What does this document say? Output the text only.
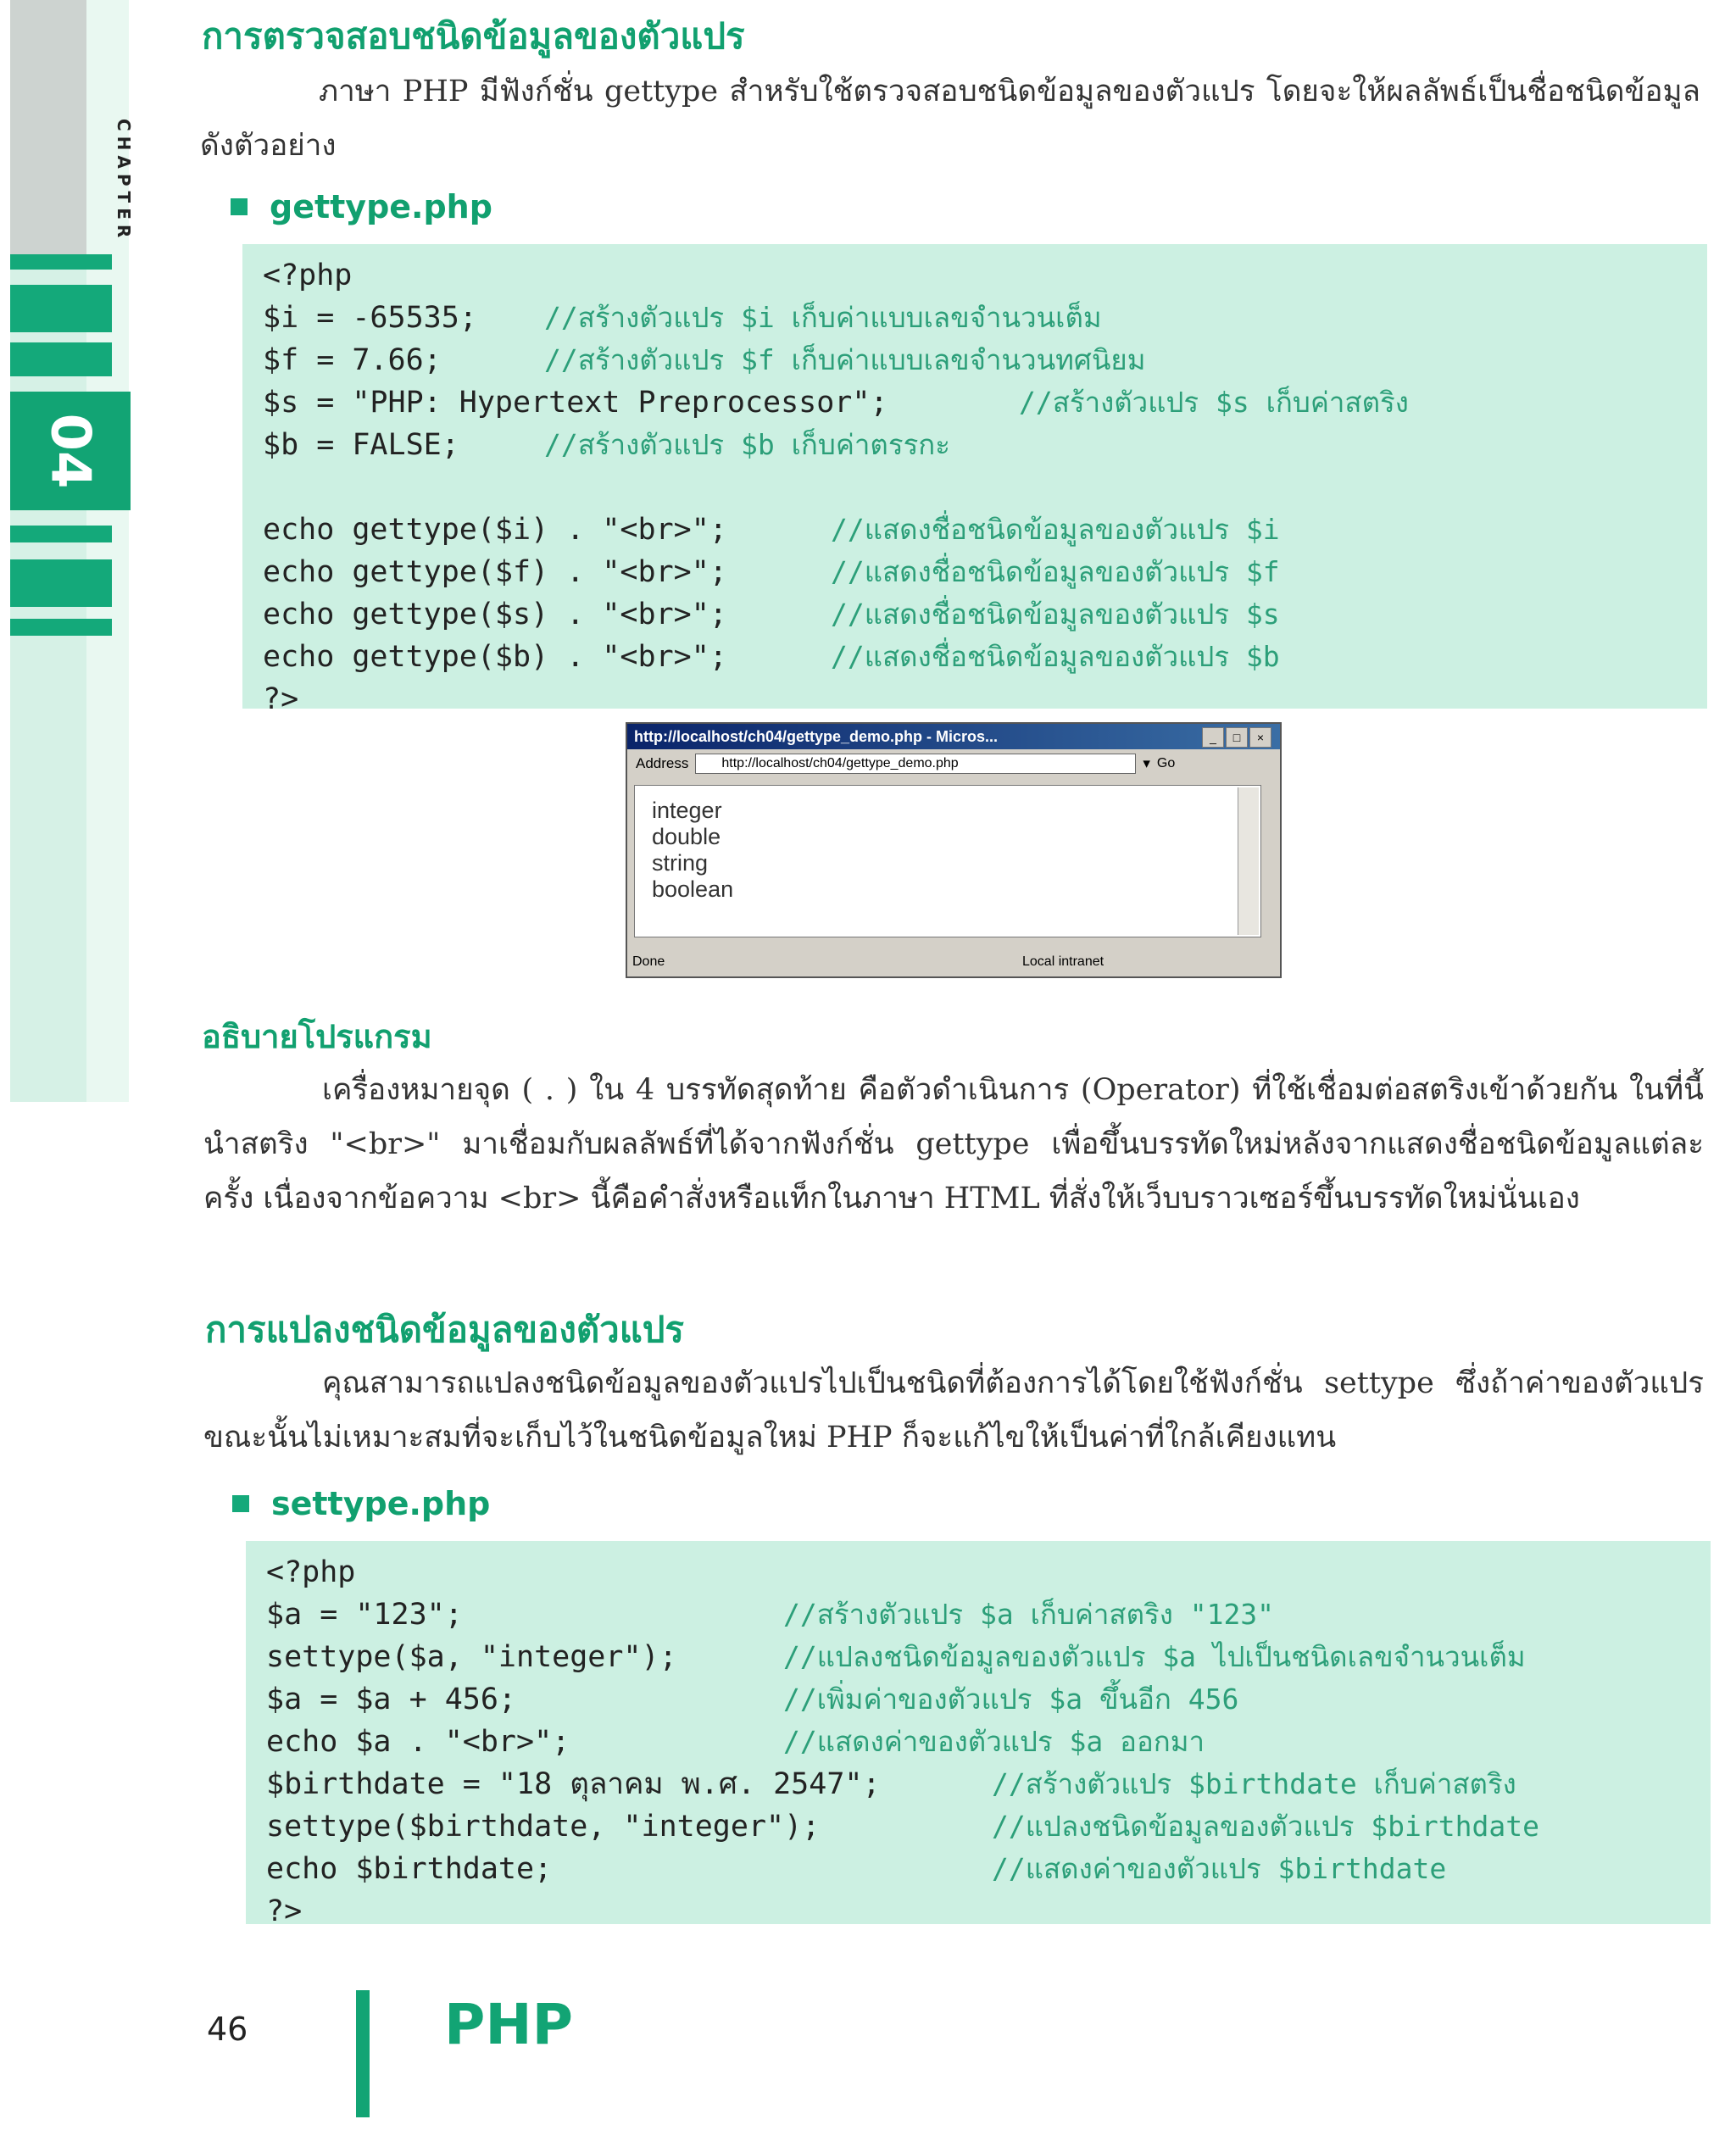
CHAPTER
04
การตรวจสอบชนิดข้อมูลของตัวแปร

ภาษา PHP มีฟังก์ชั่น gettype สำหรับใช้ตรวจสอบชนิดข้อมูลของตัวแปร โดยจะให้ผลลัพธ์เป็นชื่อชนิดข้อมูล ดังตัวอย่าง

gettype.php
<?php
$i = -65535; //สร้างตัวแปร $i เก็บค่าแบบเลขจำนวนเต็ม
$f = 7.66;	//สร้างตัวแปร $f เก็บค่าแบบเลขจำนวนทศนิยม
$s = "PHP: Hypertext Preprocessor";	//สร้างตัวแปร $s เก็บค่าสตริง
$b = FALSE;	//สร้างตัวแปร $b เก็บค่าตรรกะ
echo gettype($i) . "<br>";	//แสดงชื่อชนิดข้อมูลของตัวแปร $i
echo gettype($f) . "<br>";	//แสดงชื่อชนิดข้อมูลของตัวแปร $f
echo gettype($s) . "<br>";	//แสดงชื่อชนิดข้อมูลของตัวแปร $s
echo gettype($b) . "<br>";	//แสดงชื่อชนิดข้อมูลของตัวแปร $b
?>
http://localhost/ch04/gettype_demo.php - Micros...	_	□	×
Address	http://localhost/ch04/gettype_demo.php	▾ Go
integer
double
string
boolean
Done	Local intranet
อธิบายโปรแกรม

เครื่องหมายจุด ( . ) ใน 4 บรรทัดสุดท้าย คือตัวดำเนินการ (Operator) ที่ใช้เชื่อมต่อสตริงเข้าด้วยกัน ในที่นี้นำสตริง "<br>" มาเชื่อมกับผลลัพธ์ที่ได้จากฟังก์ชั่น gettype เพื่อขึ้นบรรทัดใหม่หลังจากแสดงชื่อชนิดข้อมูลแต่ละครั้ง เนื่องจากข้อความ <br> นี้คือคำสั่งหรือแท็กในภาษา HTML ที่สั่งให้เว็บบราวเซอร์ขึ้นบรรทัดใหม่นั่นเอง

การแปลงชนิดข้อมูลของตัวแปร

คุณสามารถแปลงชนิดข้อมูลของตัวแปรไปเป็นชนิดที่ต้องการได้โดยใช้ฟังก์ชั่น settype ซึ่งถ้าค่าของตัวแปรขณะนั้นไม่เหมาะสมที่จะเก็บไว้ในชนิดข้อมูลใหม่ PHP ก็จะแก้ไขให้เป็นค่าที่ใกล้เคียงแทน

settype.php
<?php
$a = "123";	//สร้างตัวแปร $a เก็บค่าสตริง "123"
settype($a, "integer");	//แปลงชนิดข้อมูลของตัวแปร $a ไปเป็นชนิดเลขจำนวนเต็ม
$a = $a + 456;	//เพิ่มค่าของตัวแปร $a ขึ้นอีก 456
echo $a . "<br>";	//แสดงค่าของตัวแปร $a ออกมา
$birthdate = "18 ตุลาคม พ.ศ. 2547";	//สร้างตัวแปร $birthdate เก็บค่าสตริง
settype($birthdate, "integer");	//แปลงชนิดข้อมูลของตัวแปร $birthdate
echo $birthdate;	//แสดงค่าของตัวแปร $birthdate
?>
46	PHP
